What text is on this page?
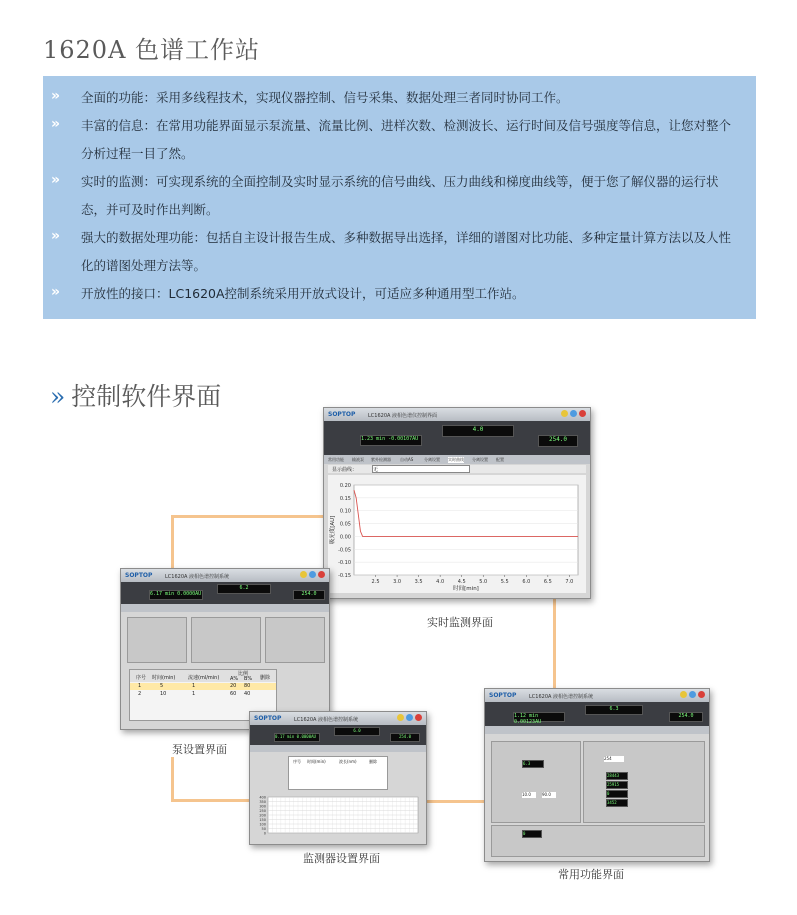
1620A 色谱工作站
» 全面的功能：采用多线程技术，实现仪器控制、信号采集、数据处理三者同时协同工作。
» 丰富的信息：在常用功能界面显示泵流量、流量比例、进样次数、检测波长、运行时间及信号强度等信息，让您对整个分析过程一目了然。
» 实时的监测：可实现系统的全面控制及实时显示系统的信号曲线、压力曲线和梯度曲线等，便于您了解仪器的运行状态，并可及时作出判断。
» 强大的数据处理功能：包括自主设计报告生成、多种数据导出选择，详细的谱图对比功能、多种定量计算方法以及人性化的谱图处理方法等。
» 开放性的接口：LC1620A控制系统采用开放式设计，可适应多种通用型工作站。
» 控制软件界面
SOPTOP	LC1620A 液相色谱仪控制界面
1.23 min -0.00107AU
4.0
254.0
常用功能 输液泵 紫外检测器 自动AS	分离设置 实时曲线 分离设置 配置
显示曲线：	无
0.20
0.15
0.10
0.05
0.00
-0.05
-0.10
-0.15
2.5	3.0	3.5	4.0	4.5	5.0	5.5	6.0	6.5	7.0
时间[min]
吸光度[AU]
实时监测界面
SOPTOP	LC1620A 液相色谱控制系统
6.17 min 0.0000AU
6.2
254.0
序号 时间(min)	流速(ml/min)
比例
A% B% 删除
1	5	1	20 80
2	10	1	60 40
泵设置界面
SOPTOP	LC1620A 液相色谱控制系统
1.12 min 0.00123AU
6.3
254.0
6.3
10.0	90.0
254
28443
25915
0
3452
0
常用功能界面
SOPTOP	LC1620A 液相色谱控制系统
0.17 min 0.0000AU
6.0
254.0
序号 时间(min)	波长(nm)	删除
400
350
300
250
200
150
100
50
0
监测器设置界面
